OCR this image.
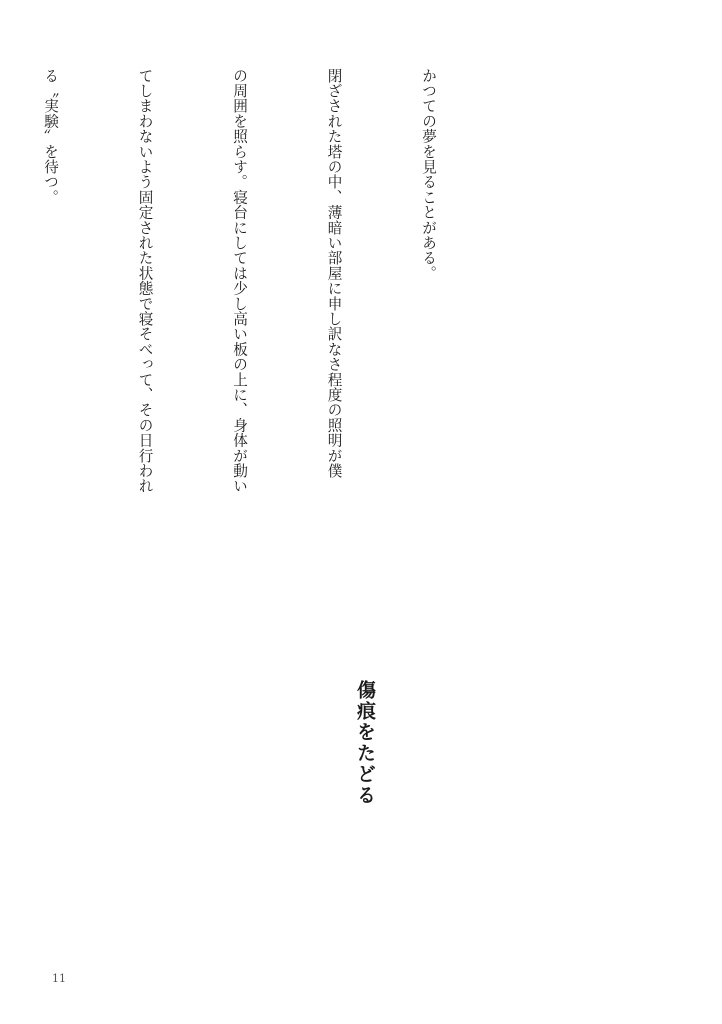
かつての夢を見ることがある。

閉ざされた塔の中、薄暗い部屋に申し訳なさ程度の照明が僕

の周囲を照らす。寝台にしては少し高い板の上に、身体が動い

てしまわないよう固定された状態で寝そべって、その日行われ

る〝実験〟を待つ。

傷痕をたどる
11
